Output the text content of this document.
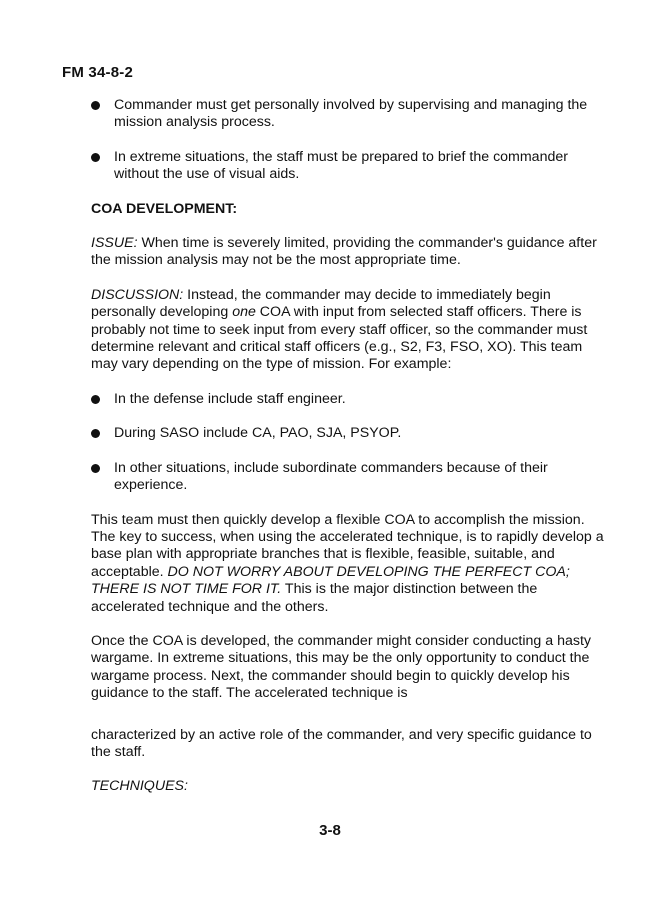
FM 34-8-2
Commander must get personally involved by supervising and managing the mission analysis process.
In extreme situations, the staff must be prepared to brief the commander without the use of visual aids.
COA DEVELOPMENT:

ISSUE: When time is severely limited, providing the commander's guidance after the mission analysis may not be the most appropriate time.

DISCUSSION: Instead, the commander may decide to immediately begin personally developing one COA with input from selected staff officers. There is probably not time to seek input from every staff officer, so the commander must determine relevant and critical staff officers (e.g., S2, F3, FSO, XO). This team may vary depending on the type of mission. For example:

In the defense include staff engineer.
During SASO include CA, PAO, SJA, PSYOP.
In other situations, include subordinate commanders because of their experience.

This team must then quickly develop a flexible COA to accomplish the mission. The key to success, when using the accelerated technique, is to rapidly develop a base plan with appropriate branches that is flexible, feasible, suitable, and acceptable. DO NOT WORRY ABOUT DEVELOPING THE PERFECT COA; THERE IS NOT TIME FOR IT. This is the major distinction between the accelerated technique and the others.

Once the COA is developed, the commander might consider conducting a hasty wargame. In extreme situations, this may be the only opportunity to conduct the wargame process. Next, the commander should begin to quickly develop his guidance to the staff. The accelerated technique is

characterized by an active role of the commander, and very specific guidance to the staff.

TECHNIQUES:

3-8
